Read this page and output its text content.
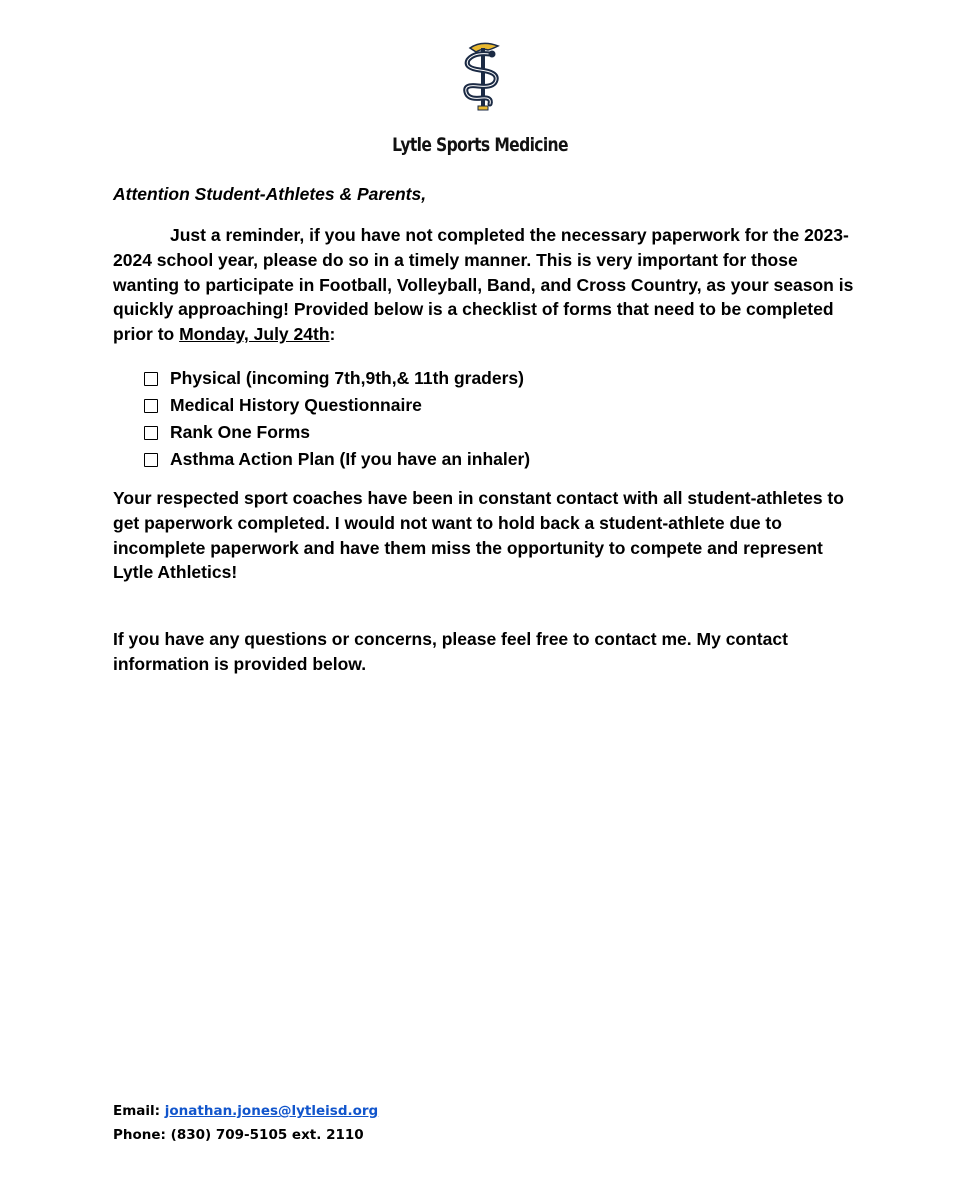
Lytle Sports Medicine
Attention Student-Athletes & Parents,
Just a reminder, if you have not completed the necessary paperwork for the 2023-2024 school year, please do so in a timely manner. This is very important for those wanting to participate in Football, Volleyball, Band, and Cross Country, as your season is quickly approaching! Provided below is a checklist of forms that need to be completed prior to Monday, July 24th:
Physical (incoming 7th,9th,& 11th graders)
Medical History Questionnaire
Rank One Forms
Asthma Action Plan (If you have an inhaler)
Your respected sport coaches have been in constant contact with all student-athletes to get paperwork completed. I would not want to hold back a student-athlete due to incomplete paperwork and have them miss the opportunity to compete and represent Lytle Athletics!
If you have any questions or concerns, please feel free to contact me. My contact information is provided below.
Email: jonathan.jones@lytleisd.org
Phone: (830) 709-5105 ext. 2110
